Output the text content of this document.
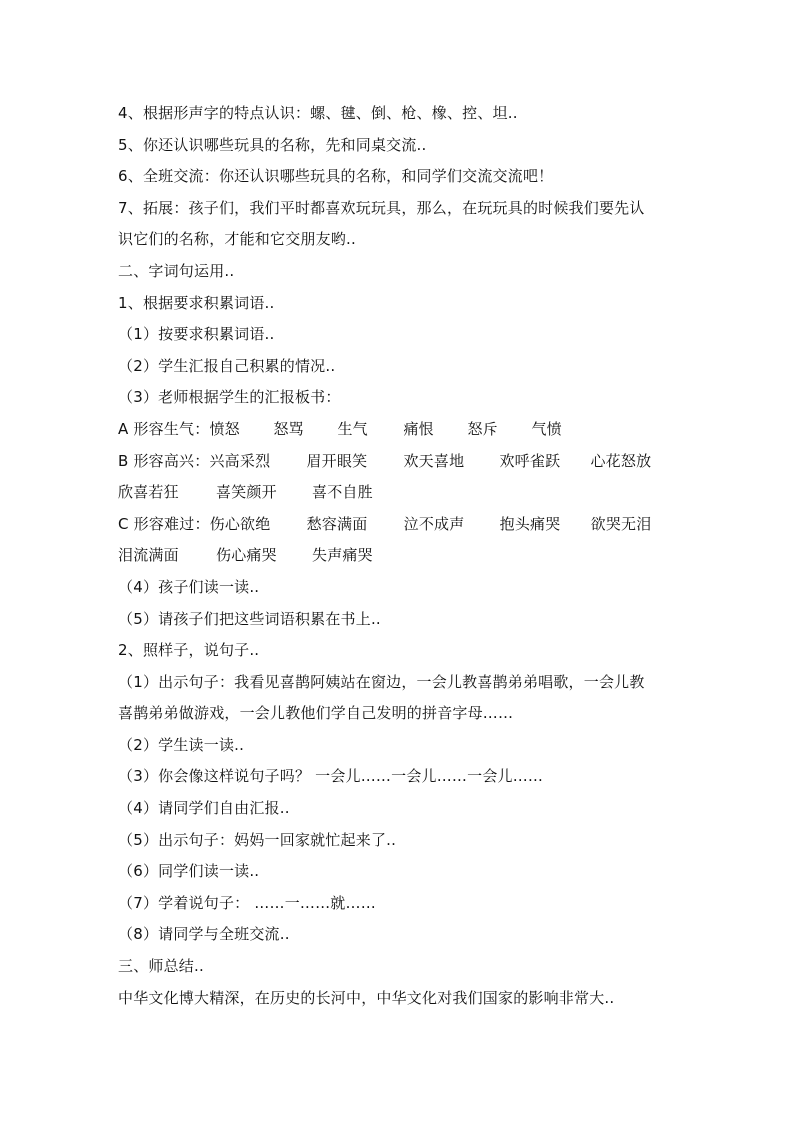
4、根据形声字的特点认识：螺、毽、倒、枪、橡、控、坦..
5、你还认识哪些玩具的名称，先和同桌交流..
6、全班交流：你还认识哪些玩具的名称，和同学们交流交流吧！
7、拓展：孩子们，我们平时都喜欢玩玩具，那么，在玩玩具的时候我们要先认
识它们的名称，才能和它交朋友哟..
二、字词句运用..
1、根据要求积累词语..
（1）按要求积累词语..
（2）学生汇报自己积累的情况..
（3）老师根据学生的汇报板书：
A 形容生气：愤怒 怒骂 生气 痛恨 怒斥 气愤
B 形容高兴：兴高采烈 眉开眼笑 欢天喜地 欢呼雀跃 心花怒放
欣喜若狂 喜笑颜开 喜不自胜
C 形容难过：伤心欲绝 愁容满面 泣不成声 抱头痛哭 欲哭无泪
泪流满面 伤心痛哭 失声痛哭
（4）孩子们读一读..
（5）请孩子们把这些词语积累在书上..
2、照样子，说句子..
（1）出示句子：我看见喜鹊阿姨站在窗边，一会儿教喜鹊弟弟唱歌，一会儿教
喜鹊弟弟做游戏，一会儿教他们学自己发明的拼音字母……
（2）学生读一读..
（3）你会像这样说句子吗？ 一会儿……一会儿……一会儿……
（4）请同学们自由汇报..
（5）出示句子：妈妈一回家就忙起来了..
（6）同学们读一读..
（7）学着说句子： ……一……就……
（8）请同学与全班交流..
三、师总结..
中华文化博大精深，在历史的长河中，中华文化对我们国家的影响非常大..
